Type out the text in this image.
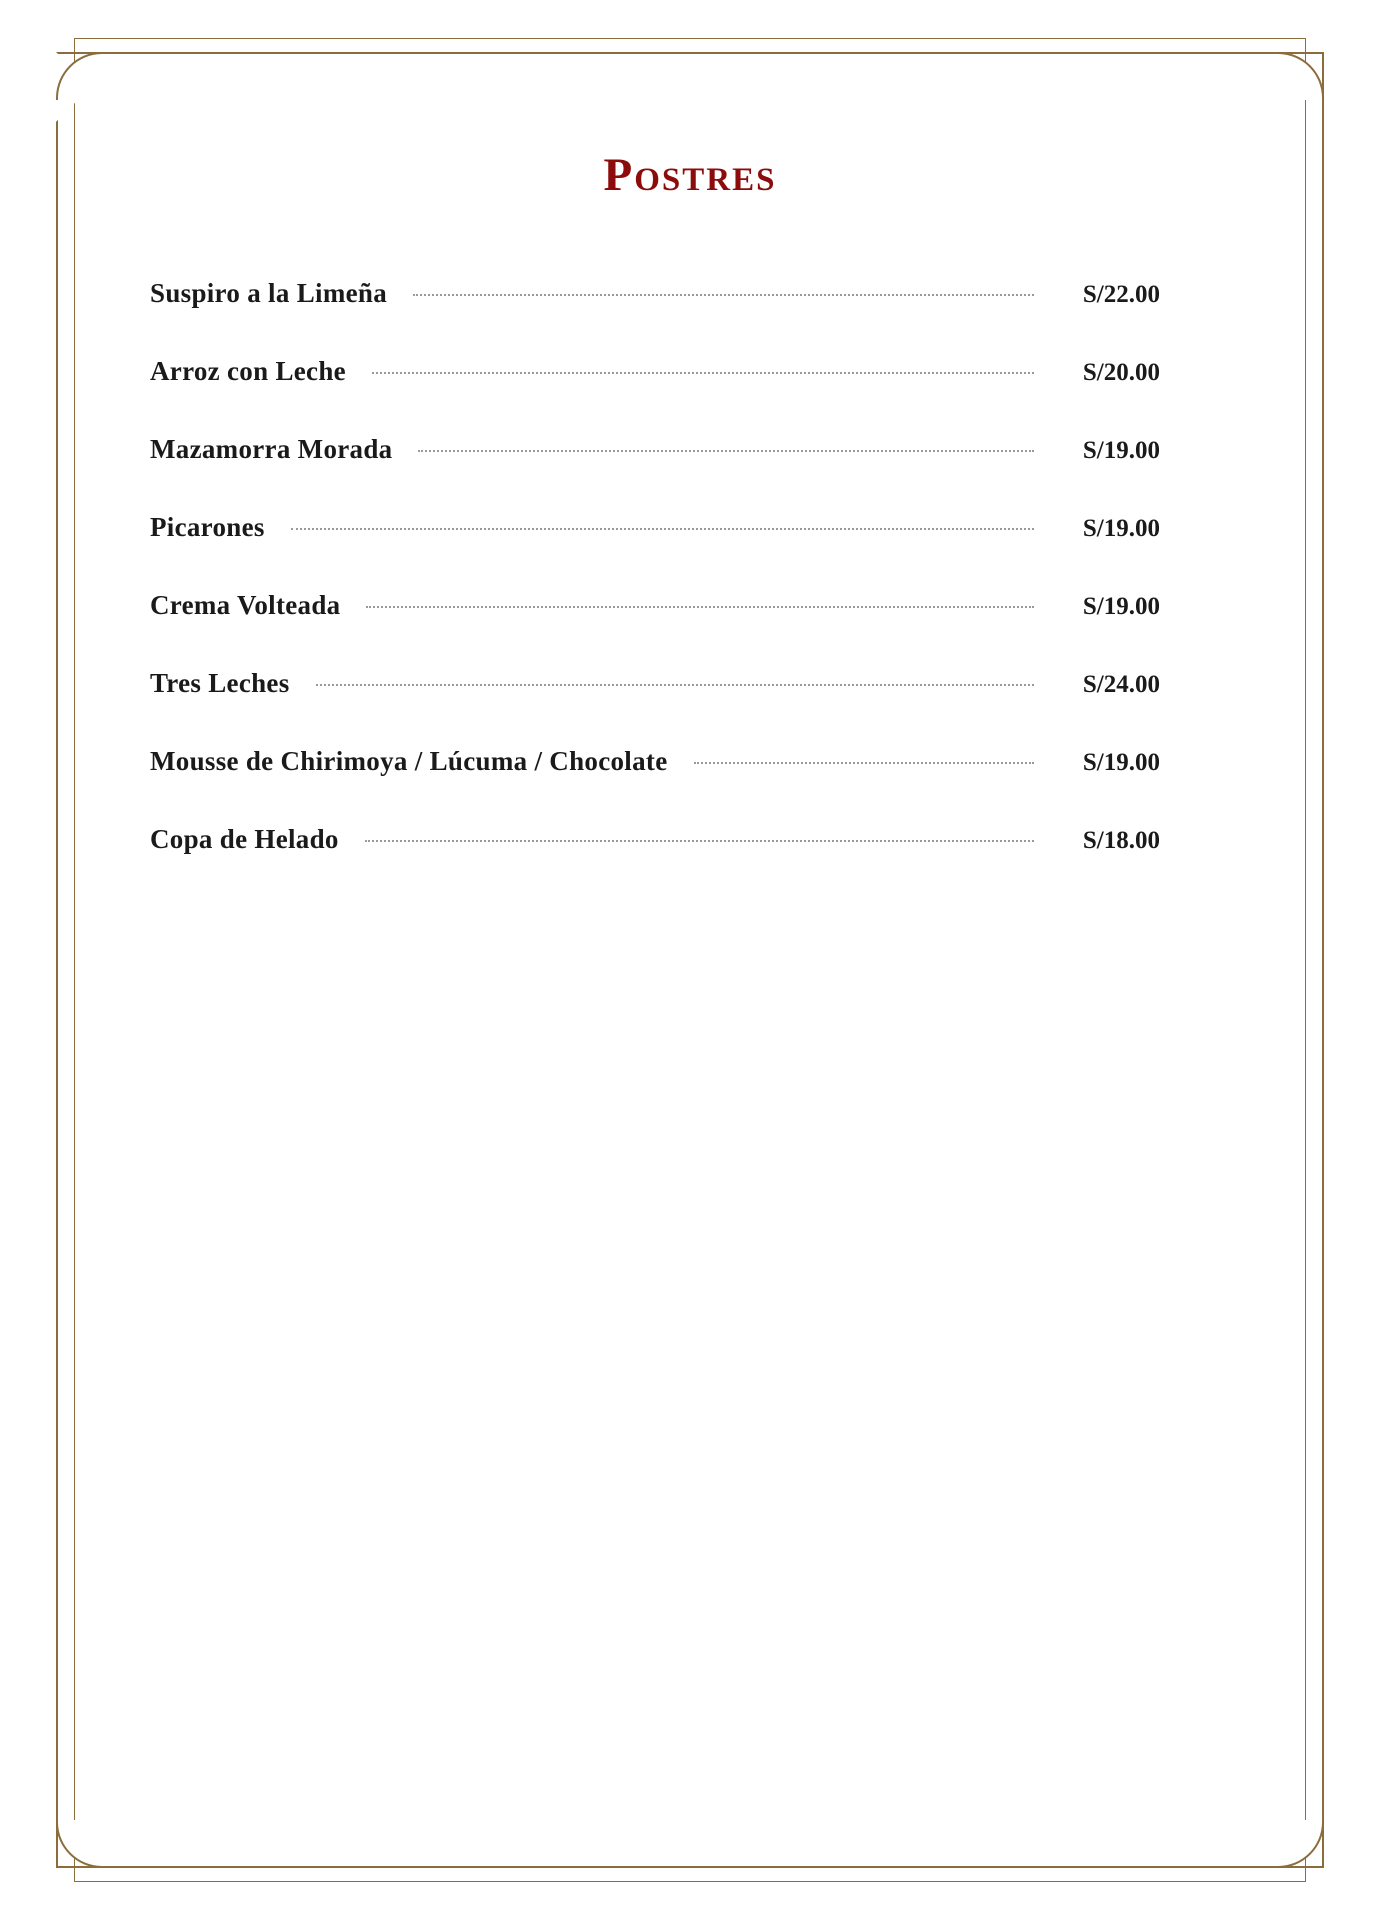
Postres
Suspiro a la Limeña	S/22.00
Arroz con Leche	S/20.00
Mazamorra Morada	S/19.00
Picarones	S/19.00
Crema Volteada	S/19.00
Tres Leches	S/24.00
Mousse de Chirimoya / Lúcuma / Chocolate	S/19.00
Copa de Helado	S/18.00
